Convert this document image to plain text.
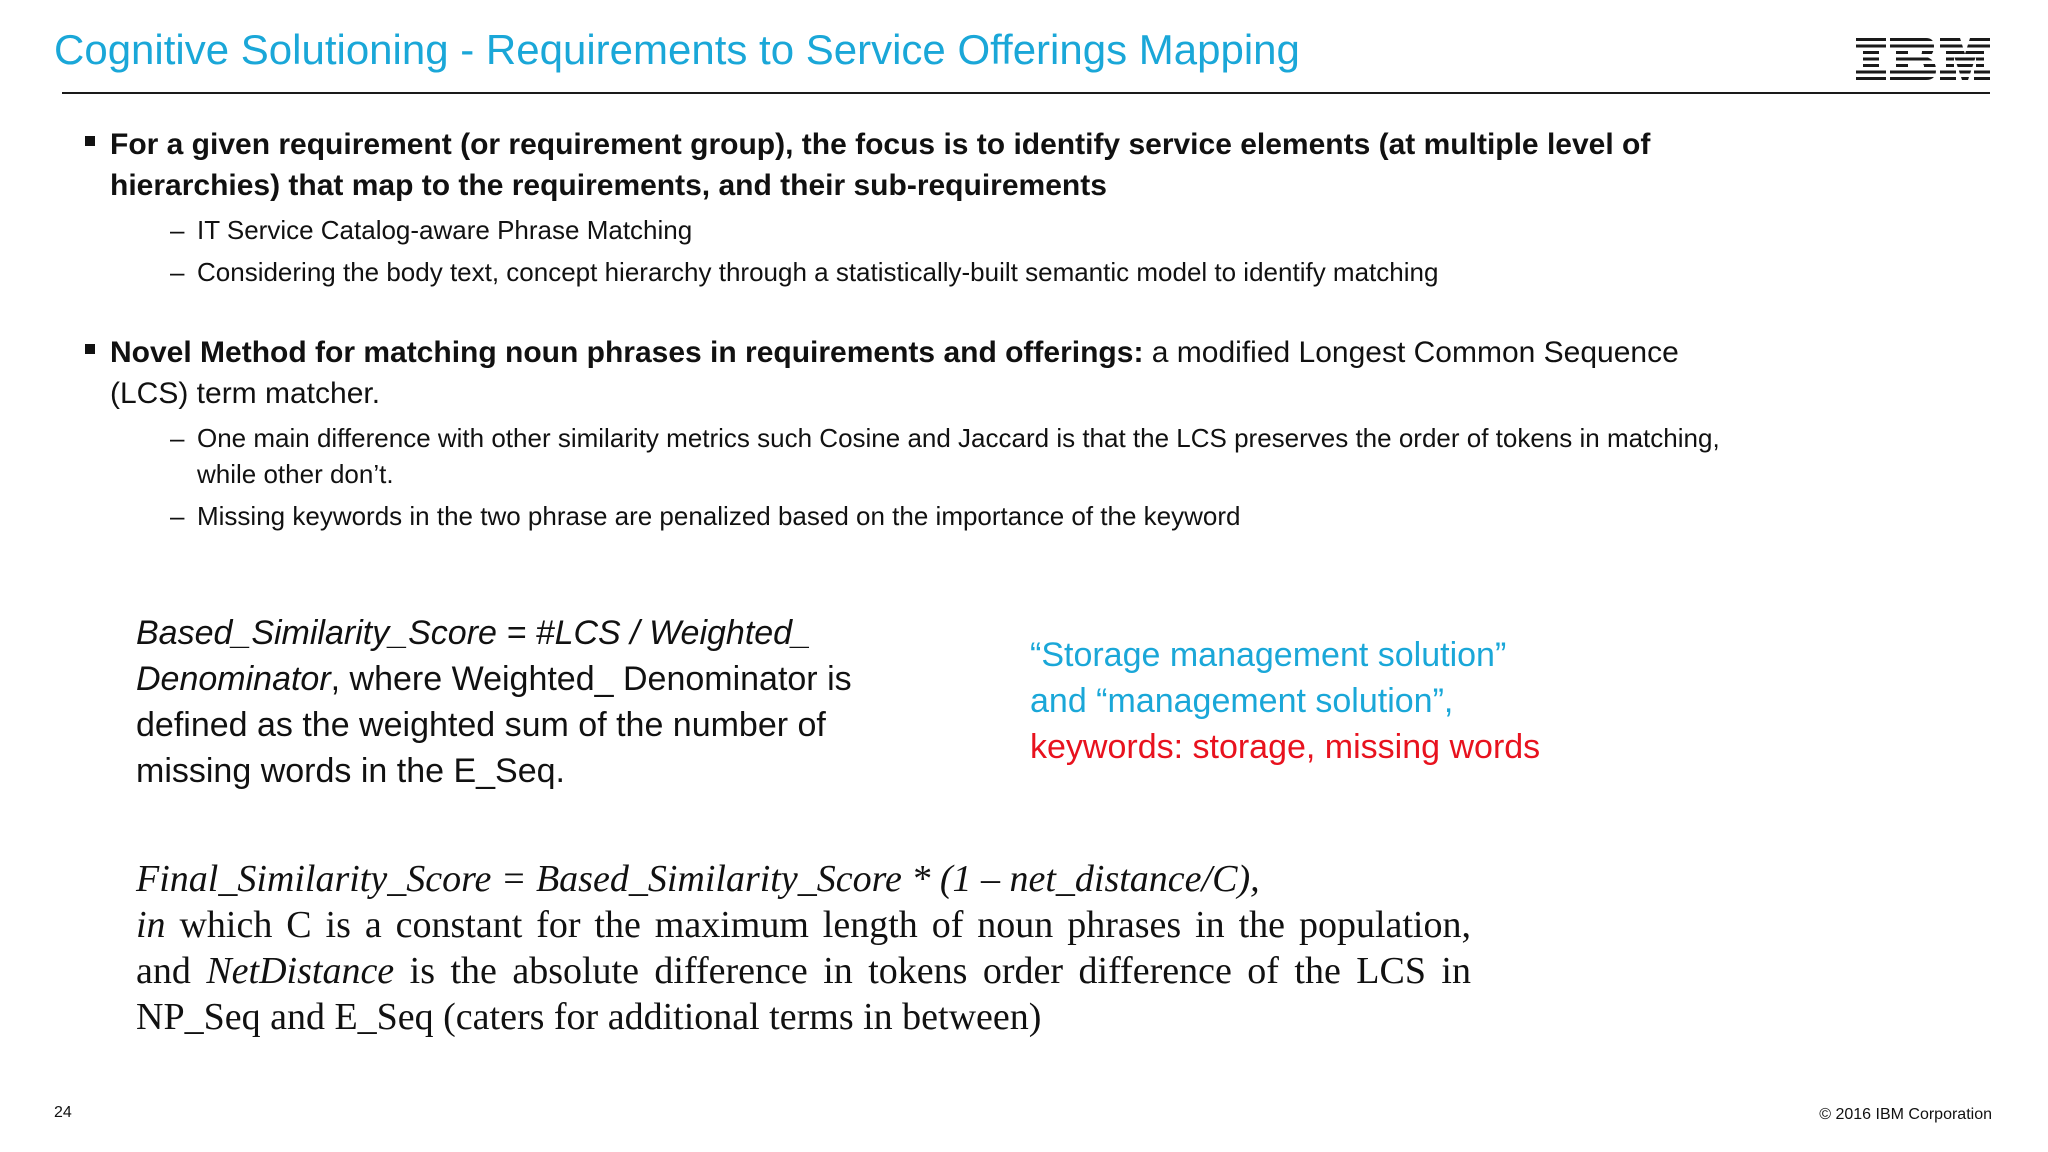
Cognitive Solutioning - Requirements to Service Offerings Mapping
For a given requirement (or requirement group), the focus is to identify service elements (at multiple level of hierarchies) that map to the requirements, and their sub-requirements
– IT Service Catalog-aware Phrase Matching
– Considering the body text, concept hierarchy through a statistically-built semantic model to identify matching
Novel Method for matching noun phrases in requirements and offerings: a modified Longest Common Sequence (LCS) term matcher.
– One main difference with other similarity metrics such Cosine and Jaccard is that the LCS preserves the order of tokens in matching, while other don’t.
– Missing keywords in the two phrase are penalized based on the importance of the keyword
Based_Similarity_Score = #LCS / Weighted_ Denominator, where Weighted_ Denominator is defined as the weighted sum of the number of missing words in the E_Seq.
“Storage management solution” and “management solution”,
keywords: storage, missing words
Final_Similarity_Score = Based_Similarity_Score * (1 – net_distance/C),
in which C is a constant for the maximum length of noun phrases in the population,
and NetDistance is the absolute difference in tokens order difference of the LCS in
NP_Seq and E_Seq (caters for additional terms in between)
24	© 2016 IBM Corporation
